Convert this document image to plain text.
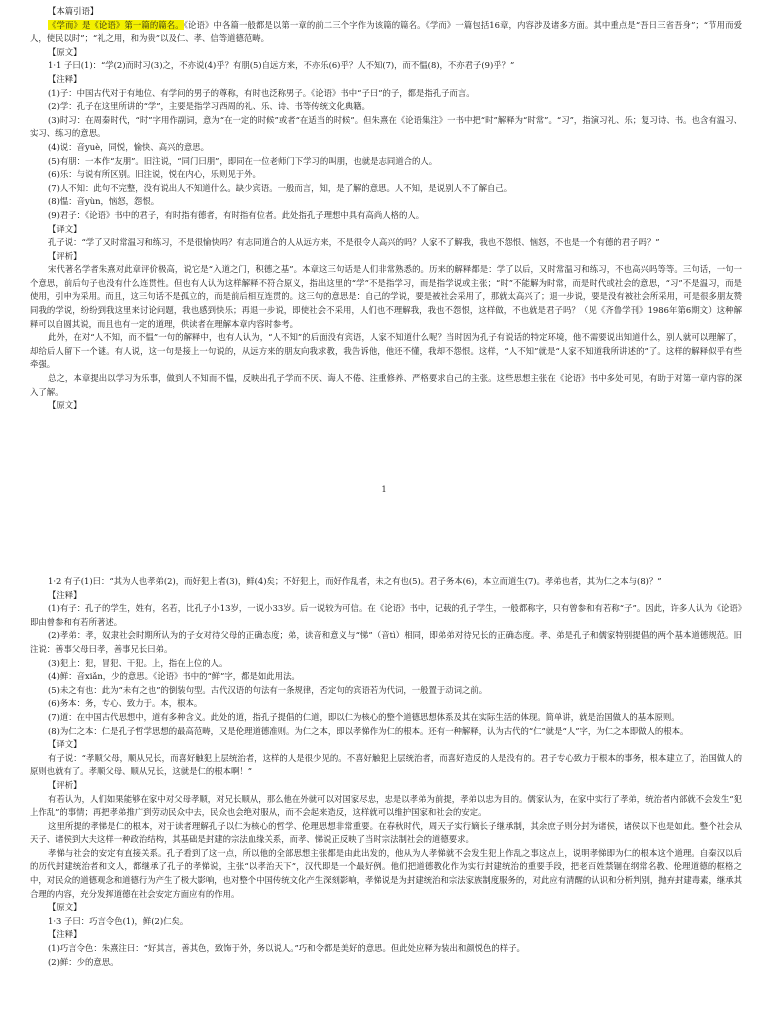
【本篇引语】

《学而》是《论语》第一篇的篇名。《论语》中各篇一般都是以第一章的前二三个字作为该篇的篇名。《学而》一篇包括16章，内容涉及诸多方面。其中重点是“吾日三省吾身”；“节用而爱人，使民以时”；“礼之用，和为贵”以及仁、孝、信等道德范畴。

【原文】

1·1 子曰(1)：“学(2)而时习(3)之，不亦说(4)乎？有朋(5)自远方来，不亦乐(6)乎？人不知(7)，而不愠(8)，不亦君子(9)乎？”

【注释】

(1)子：中国古代对于有地位、有学问的男子的尊称，有时也泛称男子。《论语》书中“子曰”的子，都是指孔子而言。

(2)学：孔子在这里所讲的“学”，主要是指学习西周的礼、乐、诗、书等传统文化典籍。

(3)时习：在周秦时代，“时”字用作副词，意为“在一定的时候”或者“在适当的时候”。但朱熹在《论语集注》一书中把“时”解释为“时常”。“习”，指演习礼、乐；复习诗、书。也含有温习、实习、练习的意思。

(4)说：音yuè，同悦，愉快、高兴的意思。

(5)有朋：一本作“友朋”。旧注说，“同门曰朋”，即同在一位老师门下学习的叫朋，也就是志同道合的人。

(6)乐：与说有所区别。旧注说，悦在内心，乐则见于外。

(7)人不知：此句不完整，没有说出人不知道什么。缺少宾语。一般而言，知，是了解的意思。人不知，是说别人不了解自己。

(8)愠：音yùn，恼怒，怨恨。

(9)君子：《论语》书中的君子，有时指有德者，有时指有位者。此处指孔子理想中具有高尚人格的人。

【译文】

孔子说：“学了又时常温习和练习，不是很愉快吗？有志同道合的人从远方来，不是很令人高兴的吗？人家不了解我，我也不怨恨、恼怒，不也是一个有德的君子吗？”

【评析】

宋代著名学者朱熹对此章评价极高，说它是“入道之门，积德之基”。本章这三句话是人们非常熟悉的。历来的解释都是：学了以后，又时常温习和练习，不也高兴吗等等。三句话，一句一个意思，前后句子也没有什么连贯性。但也有人认为这样解释不符合原义，指出这里的“学”不是指学习，而是指学说或主张；“时”不能解为时常，而是时代或社会的意思，“习”不是温习，而是使用，引申为采用。而且，这三句话不是孤立的，而是前后相互连贯的。这三句的意思是：自己的学说，要是被社会采用了，那就太高兴了；退一步说，要是没有被社会所采用，可是很多朋友赞同我的学说，纷纷到我这里来讨论问题，我也感到快乐；再退一步说，即使社会不采用，人们也不理解我，我也不怨恨，这样做，不也就是君子吗？（见《齐鲁学刊》1986年第6期文）这种解释可以自圆其说，而且也有一定的道理，供读者在理解本章内容时参考。

此外，在对“人不知，而不愠”一句的解释中，也有人认为，“人不知”的后面没有宾语，人家不知道什么呢？当时因为孔子有说话的特定环境，他不需要说出知道什么，别人就可以理解了，却给后人留下一个谜。有人说，这一句是接上一句说的，从远方来的朋友向我求教，我告诉他，他还不懂，我却不怨恨。这样，“人不知”就是“人家不知道我所讲述的”了。这样的解释似乎有些牵强。

总之，本章提出以学习为乐事，做到人不知而不愠，反映出孔子学而不厌、诲人不倦、注重修养、严格要求自己的主张。这些思想主张在《论语》书中多处可见，有助于对第一章内容的深入了解。

【原文】

1

1·2 有子(1)曰：“其为人也孝弟(2)，而好犯上者(3)，鲜(4)矣；不好犯上，而好作乱者，未之有也(5)。君子务本(6)，本立而道生(7)。孝弟也者，其为仁之本与(8)？”

【注释】

(1)有子：孔子的学生，姓有，名若，比孔子小13岁，一说小33岁。后一说较为可信。在《论语》书中，记载的孔子学生，一般都称字，只有曾参和有若称“子”。因此，许多人认为《论语》即由曾参和有若所著述。

(2)孝弟：孝，奴隶社会时期所认为的子女对待父母的正确态度；弟，读音和意义与“悌”（音tì）相同，即弟弟对待兄长的正确态度。孝、弟是孔子和儒家特别提倡的两个基本道德规范。旧注说：善事父母曰孝，善事兄长曰弟。

(3)犯上：犯，冒犯、干犯。上，指在上位的人。

(4)鲜：音xiǎn，少的意思。《论语》书中的“鲜”字，都是如此用法。

(5)未之有也：此为“未有之也”的倒装句型。古代汉语的句法有一条规律，否定句的宾语若为代词，一般置于动词之前。

(6)务本：务，专心、致力于。本，根本。

(7)道：在中国古代思想中，道有多种含义。此处的道，指孔子提倡的仁道，即以仁为核心的整个道德思想体系及其在实际生活的体现。简单讲，就是治国做人的基本原则。

(8)为仁之本：仁是孔子哲学思想的最高范畴，又是伦理道德准则。为仁之本，即以孝悌作为仁的根本。还有一种解释，认为古代的“仁”就是“人”字，为仁之本即做人的根本。

【译文】

有子说：“孝顺父母，顺从兄长，而喜好触犯上层统治者，这样的人是很少见的。不喜好触犯上层统治者，而喜好造反的人是没有的。君子专心致力于根本的事务，根本建立了，治国做人的原则也就有了。孝顺父母、顺从兄长，这就是仁的根本啊！”

【评析】

有若认为，人们如果能够在家中对父母孝顺，对兄长顺从，那么他在外就可以对国家尽忠，忠是以孝弟为前提，孝弟以忠为目的。儒家认为，在家中实行了孝弟，统治者内部就不会发生“犯上作乱”的事情；再把孝弟推广到劳动民众中去，民众也会绝对服从，而不会起来造反，这样就可以维护国家和社会的安定。

这里所提的孝悌是仁的根本，对于读者理解孔子以仁为核心的哲学、伦理思想非常重要。在春秋时代，周天子实行嫡长子继承制，其余庶子则分封为诸侯，诸侯以下也是如此。整个社会从天子、诸侯到大夫这样一种政治结构，其基础是封建的宗法血缘关系，而孝、悌说正反映了当时宗法制社会的道德要求。

孝悌与社会的安定有直接关系。孔子看到了这一点，所以他的全部思想主张都是由此出发的，他从为人孝悌就不会发生犯上作乱之事这点上，说明孝悌即为仁的根本这个道理。自秦汉以后的历代封建统治者和文人，都继承了孔子的孝悌说，主张“以孝治天下”，汉代即是一个最好例。他们把道德教化作为实行封建统治的重要手段，把老百姓禁锢在纲常名教、伦理道德的框格之中，对民众的道德观念和道德行为产生了极大影响，也对整个中国传统文化产生深刻影响，孝悌说是为封建统治和宗法家族制度服务的，对此应有清醒的认识和分析判别，抛弃封建毒素，继承其合理的内容，充分发挥道德在社会安定方面应有的作用。

【原文】

1·3 子曰：巧言令色(1)，鲜(2)仁矣。

【注释】

(1)巧言令色：朱熹注曰：“好其言，善其色，致饰于外，务以说人。”巧和令都是美好的意思。但此处应释为装出和颜悦色的样子。

(2)鲜：少的意思。
